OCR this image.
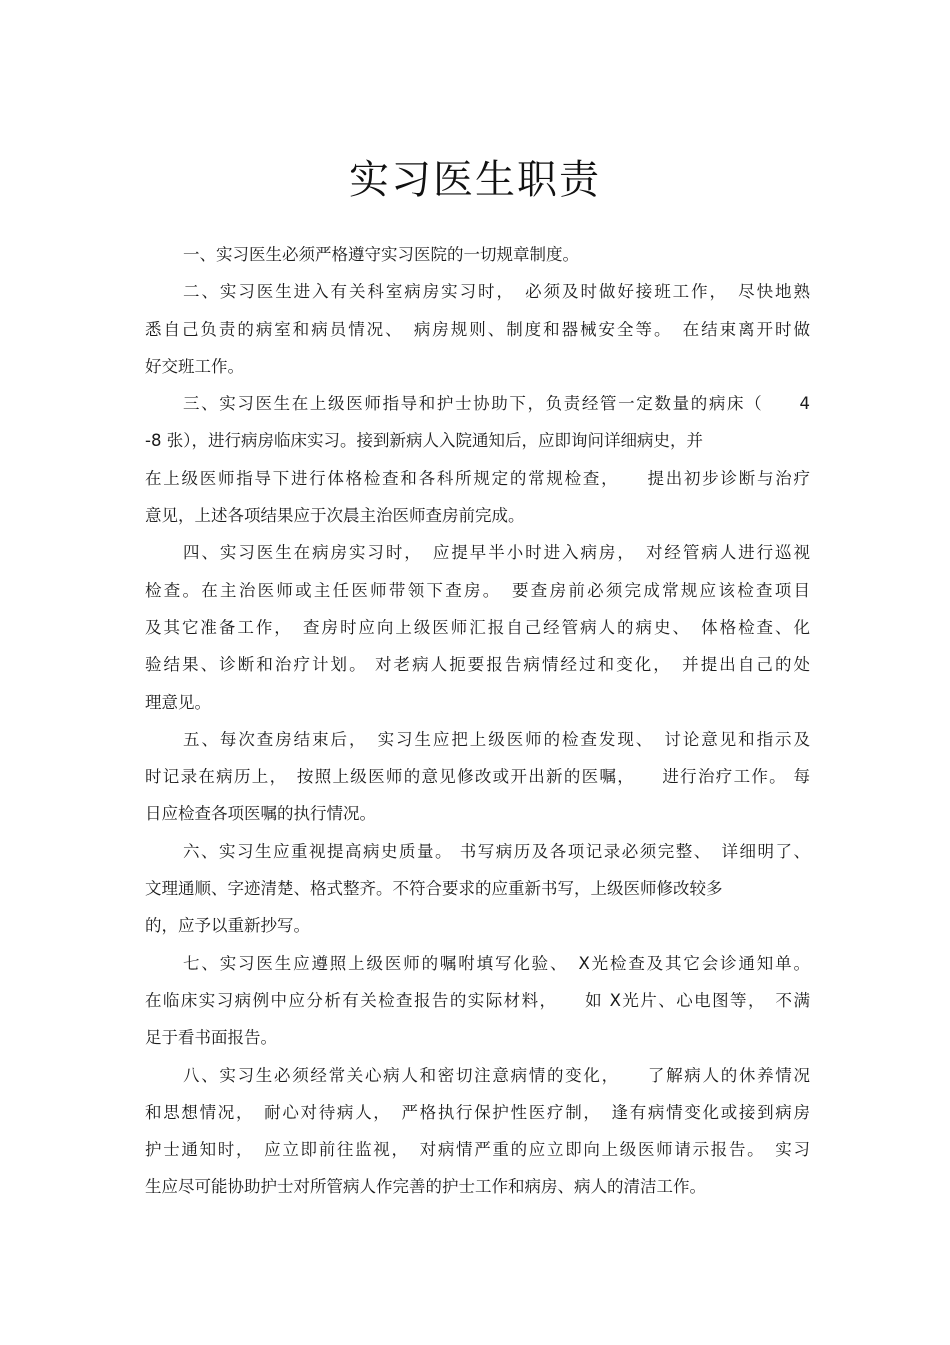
实习医生职责
一、实习医生必须严格遵守实习医院的一切规章制度。
二、实习医生进入有关科室病房实习时，　必须及时做好接班工作，　尽快地熟
悉自己负责的病室和病员情况、　病房规则、制度和器械安全等。　在结束离开时做
好交班工作。
三、实习医生在上级医师指导和护士协助下，负责经管一定数量的病床（　　4
-8 张），进行病房临床实习。接到新病人入院通知后，应即询问详细病史，并
在上级医师指导下进行体格检查和各科所规定的常规检查，　　提出初步诊断与治疗
意见，上述各项结果应于次晨主治医师查房前完成。
四、实习医生在病房实习时，　应提早半小时进入病房，　对经管病人进行巡视
检查。在主治医师或主任医师带领下查房。　要查房前必须完成常规应该检查项目
及其它准备工作，　查房时应向上级医师汇报自己经管病人的病史、　体格检查、化
验结果、诊断和治疗计划。 对老病人扼要报告病情经过和变化，　并提出自己的处
理意见。
五、每次查房结束后，　实习生应把上级医师的检查发现、　讨论意见和指示及
时记录在病历上，　按照上级医师的意见修改或开出新的医嘱，　　进行治疗工作。 每
日应检查各项医嘱的执行情况。
六、实习生应重视提高病史质量。 书写病历及各项记录必须完整、　详细明了、
文理通顺、字迹清楚、格式整齐。不符合要求的应重新书写，上级医师修改较多
的，应予以重新抄写。
七、实习医生应遵照上级医师的嘱咐填写化验、　X光检查及其它会诊通知单。
在临床实习病例中应分析有关检查报告的实际材料，　　如 X光片、心电图等，　不满
足于看书面报告。
八、实习生必须经常关心病人和密切注意病情的变化，　　了解病人的休养情况
和思想情况，　耐心对待病人，　严格执行保护性医疗制，　逢有病情变化或接到病房
护士通知时，　应立即前往监视，　对病情严重的应立即向上级医师请示报告。　实习
生应尽可能协助护士对所管病人作完善的护士工作和病房、病人的清洁工作。
